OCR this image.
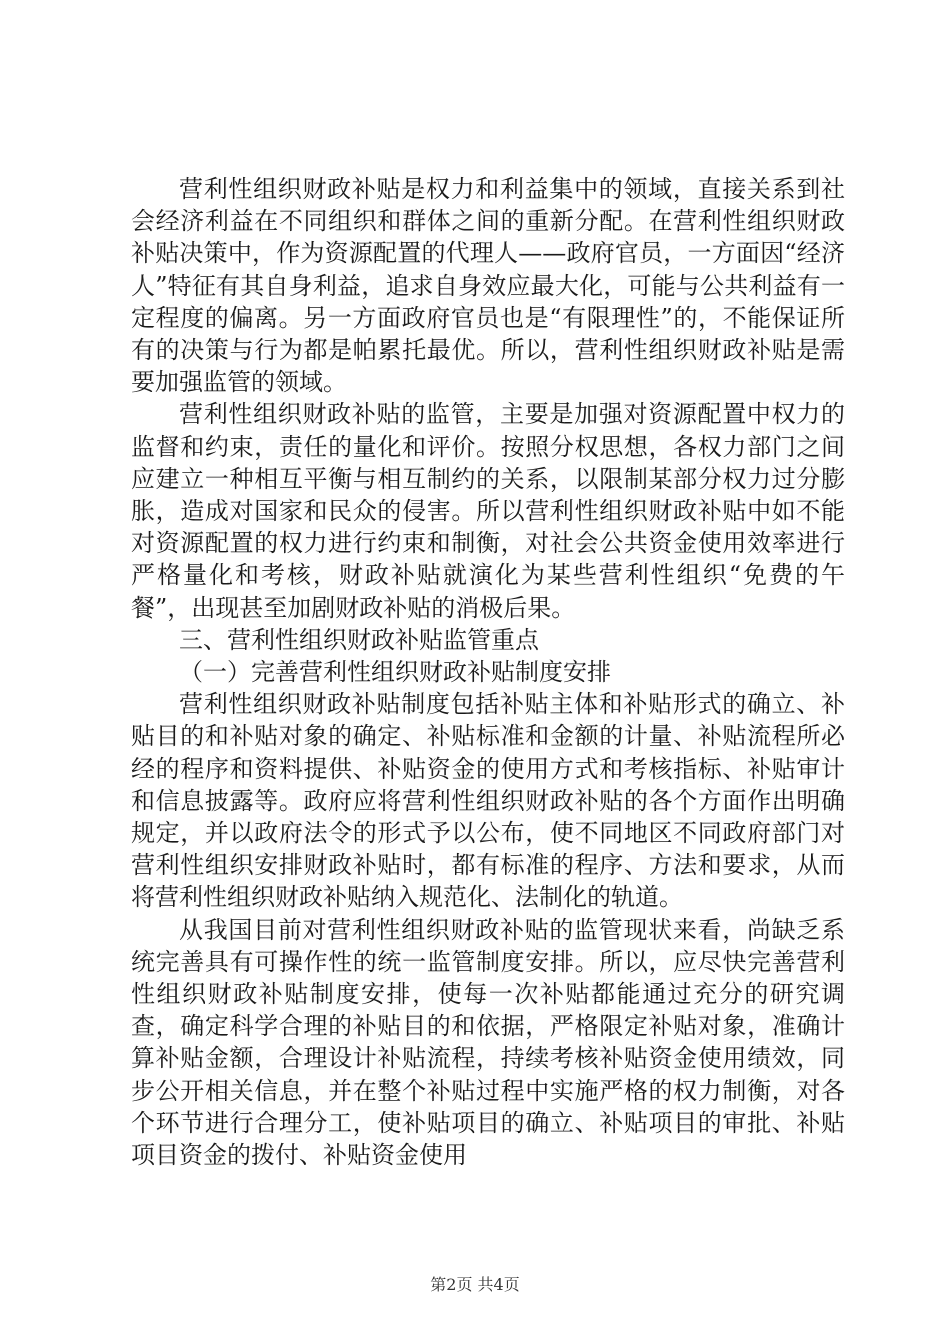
营利性组织财政补贴是权力和利益集中的领域，直接关系到社会经济利益在不同组织和群体之间的重新分配。在营利性组织财政补贴决策中，作为资源配置的代理人——政府官员，一方面因“经济人”特征有其自身利益，追求自身效应最大化，可能与公共利益有一定程度的偏离。另一方面政府官员也是“有限理性”的，不能保证所有的决策与行为都是帕累托最优。所以，营利性组织财政补贴是需要加强监管的领域。

营利性组织财政补贴的监管，主要是加强对资源配置中权力的监督和约束，责任的量化和评价。按照分权思想，各权力部门之间应建立一种相互平衡与相互制约的关系，以限制某部分权力过分膨胀，造成对国家和民众的侵害。所以营利性组织财政补贴中如不能对资源配置的权力进行约束和制衡，对社会公共资金使用效率进行严格量化和考核，财政补贴就演化为某些营利性组织“免费的午餐”，出现甚至加剧财政补贴的消极后果。

三、营利性组织财政补贴监管重点

（一）完善营利性组织财政补贴制度安排

营利性组织财政补贴制度包括补贴主体和补贴形式的确立、补贴目的和补贴对象的确定、补贴标准和金额的计量、补贴流程所必经的程序和资料提供、补贴资金的使用方式和考核指标、补贴审计和信息披露等。政府应将营利性组织财政补贴的各个方面作出明确规定，并以政府法令的形式予以公布，使不同地区不同政府部门对营利性组织安排财政补贴时，都有标准的程序、方法和要求，从而将营利性组织财政补贴纳入规范化、法制化的轨道。

从我国目前对营利性组织财政补贴的监管现状来看，尚缺乏系统完善具有可操作性的统一监管制度安排。所以，应尽快完善营利性组织财政补贴制度安排，使每一次补贴都能通过充分的研究调查，确定科学合理的补贴目的和依据，严格限定补贴对象，准确计算补贴金额，合理设计补贴流程，持续考核补贴资金使用绩效，同步公开相关信息，并在整个补贴过程中实施严格的权力制衡，对各个环节进行合理分工，使补贴项目的确立、补贴项目的审批、补贴项目资金的拨付、补贴资金使用

第2页 共4页
